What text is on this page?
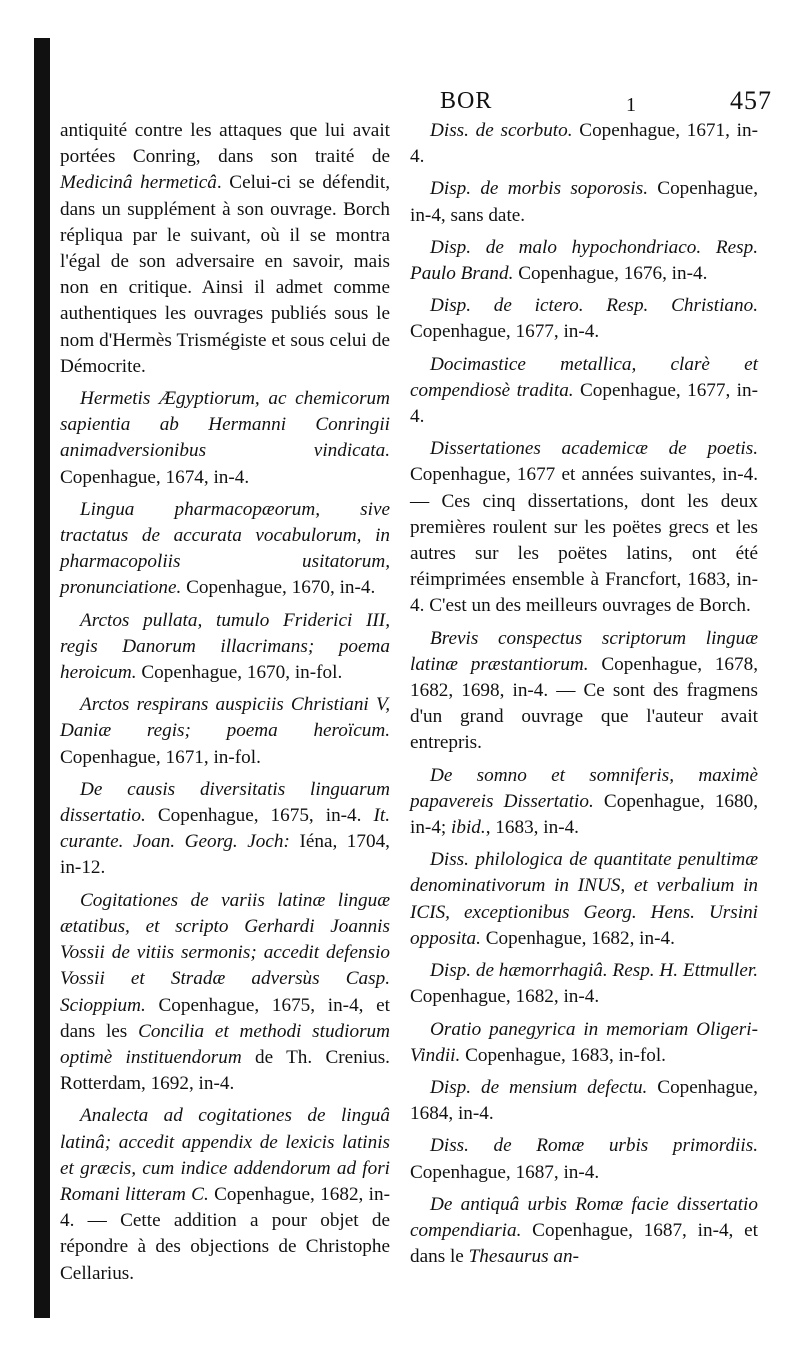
BOR	1	457

antiquité contre les attaques que lui avait portées Conring, dans son traité de Medicinâ hermeticâ. Celui-ci se défendit, dans un supplément à son ouvrage. Borch répliqua par le suivant, où il se montra l'égal de son adversaire en savoir, mais non en critique. Ainsi il admet comme authentiques les ouvrages publiés sous le nom d'Hermès Trismégiste et sous celui de Démocrite.

Hermetis Ægyptiorum, ac chemicorum sapientia ab Hermanni Conringii animadversionibus vindicata. Copenhague, 1674, in-4.

Lingua pharmacopæorum, sive tractatus de accurata vocabulorum, in pharmacopoliis usitatorum, pronunciatione. Copenhague, 1670, in-4.

Arctos pullata, tumulo Friderici III, regis Danorum illacrimans; poema heroicum. Copenhague, 1670, in-fol.

Arctos respirans auspiciis Christiani V, Daniæ regis; poema heroïcum. Copenhague, 1671, in-fol.

De causis diversitatis linguarum dissertatio. Copenhague, 1675, in-4. It. curante. Joan. Georg. Joch: Iéna, 1704, in-12.

Cogitationes de variis latinæ linguæ ætatibus, et scripto Gerhardi Joannis Vossii de vitiis sermonis; accedit defensio Vossii et Stradæ adversùs Casp. Scioppium. Copenhague, 1675, in-4, et dans les Concilia et methodi studiorum optimè instituendorum de Th. Crenius. Rotterdam, 1692, in-4.

Analecta ad cogitationes de linguâ latinâ; accedit appendix de lexicis latinis et græcis, cum indice addendorum ad fori Romani litteram C. Copenhague, 1682, in-4. — Cette addition a pour objet de répondre à des objections de Christophe Cellarius.

Diss. de scorbuto. Copenhague, 1671, in-4.

Disp. de morbis soporosis. Copenhague, in-4, sans date.

Disp. de malo hypochondriaco. Resp. Paulo Brand. Copenhague, 1676, in-4.

Disp. de ictero. Resp. Christiano. Copenhague, 1677, in-4.

Docimastice metallica, clarè et compendiosè tradita. Copenhague, 1677, in-4.

Dissertationes academicæ de poetis. Copenhague, 1677 et années suivantes, in-4. — Ces cinq dissertations, dont les deux premières roulent sur les poëtes grecs et les autres sur les poëtes latins, ont été réimprimées ensemble à Francfort, 1683, in-4. C'est un des meilleurs ouvrages de Borch.

Brevis conspectus scriptorum linguæ latinæ præstantiorum. Copenhague, 1678, 1682, 1698, in-4. — Ce sont des fragmens d'un grand ouvrage que l'auteur avait entrepris.

De somno et somniferis, maximè papavereis Dissertatio. Copenhague, 1680, in-4; ibid., 1683, in-4.

Diss. philologica de quantitate penultimæ denominativorum in INUS, et verbalium in ICIS, exceptionibus Georg. Hens. Ursini opposita. Copenhague, 1682, in-4.

Disp. de hæmorrhagiâ. Resp. H. Ettmuller. Copenhague, 1682, in-4.

Oratio panegyrica in memoriam Oligeri-Vindii. Copenhague, 1683, in-fol.

Disp. de mensium defectu. Copenhague, 1684, in-4.

Diss. de Romæ urbis primordiis. Copenhague, 1687, in-4.

De antiquâ urbis Romæ facie dissertatio compendiaria. Copenhague, 1687, in-4, et dans le Thesaurus an-
